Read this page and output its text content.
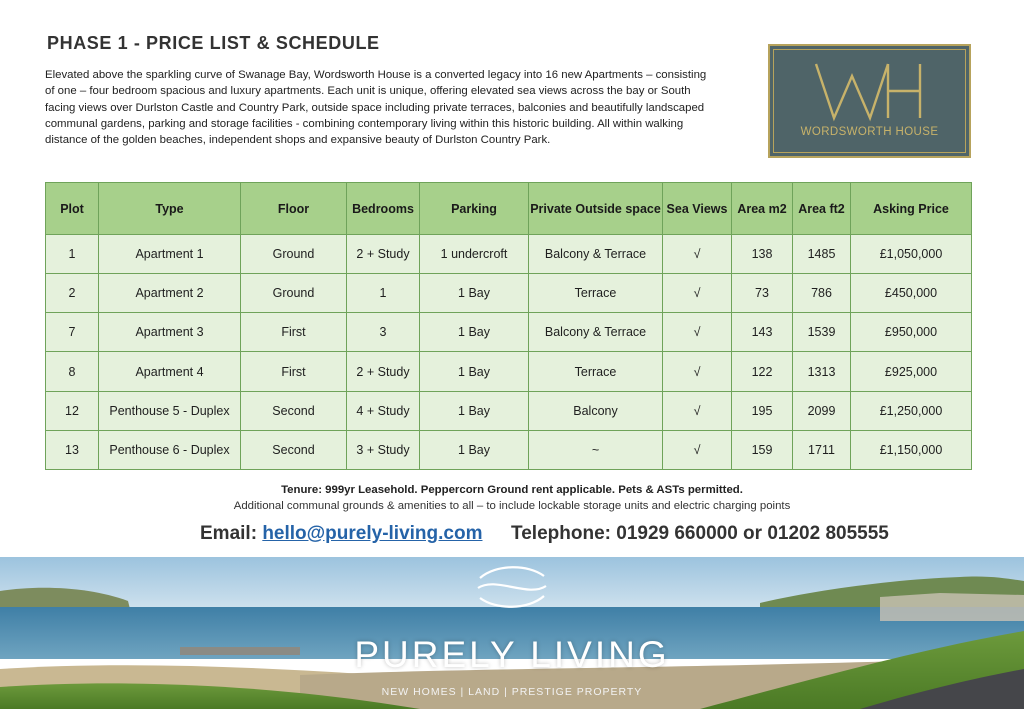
PHASE 1 - PRICE LIST & SCHEDULE

Elevated above the sparkling curve of Swanage Bay, Wordsworth House is a converted legacy into 16 new Apartments – consisting of one – four bedroom spacious and luxury apartments. Each unit is unique, offering elevated sea views across the bay or South facing views over Durlston Castle and Country Park, outside space including private terraces, balconies and beautifully landscaped communal gardens, parking and storage facilities - combining contemporary living within this historic building. All within walking distance of the golden beaches, independent shops and expansive beauty of Durlston Country Park.

WORDSWORTH HOUSE
Plot	Type	Floor	Bedrooms	Parking	Private Outside space	Sea Views	Area m2	Area ft2	Asking Price
1	Apartment 1	Ground	2 + Study	1 undercroft	Balcony & Terrace	√	138	1485	£1,050,000
2	Apartment 2	Ground	1	1 Bay	Terrace	√	73	786	£450,000
7	Apartment 3	First	3	1 Bay	Balcony & Terrace	√	143	1539	£950,000
8	Apartment 4	First	2 + Study	1 Bay	Terrace	√	122	1313	£925,000
12	Penthouse 5 - Duplex	Second	4 + Study	1 Bay	Balcony	√	195	2099	£1,250,000
13	Penthouse 6 - Duplex	Second	3 + Study	1 Bay	~	√	159	1711	£1,150,000
Tenure: 999yr Leasehold. Peppercorn Ground rent applicable. Pets & ASTs permitted.
Additional communal grounds & amenities to all – to include lockable storage units and electric charging points
Email: hello@purely-living.com Telephone: 01929 660000 or 01202 805555
PURELY LIVING
NEW HOMES | LAND | PRESTIGE PROPERTY
